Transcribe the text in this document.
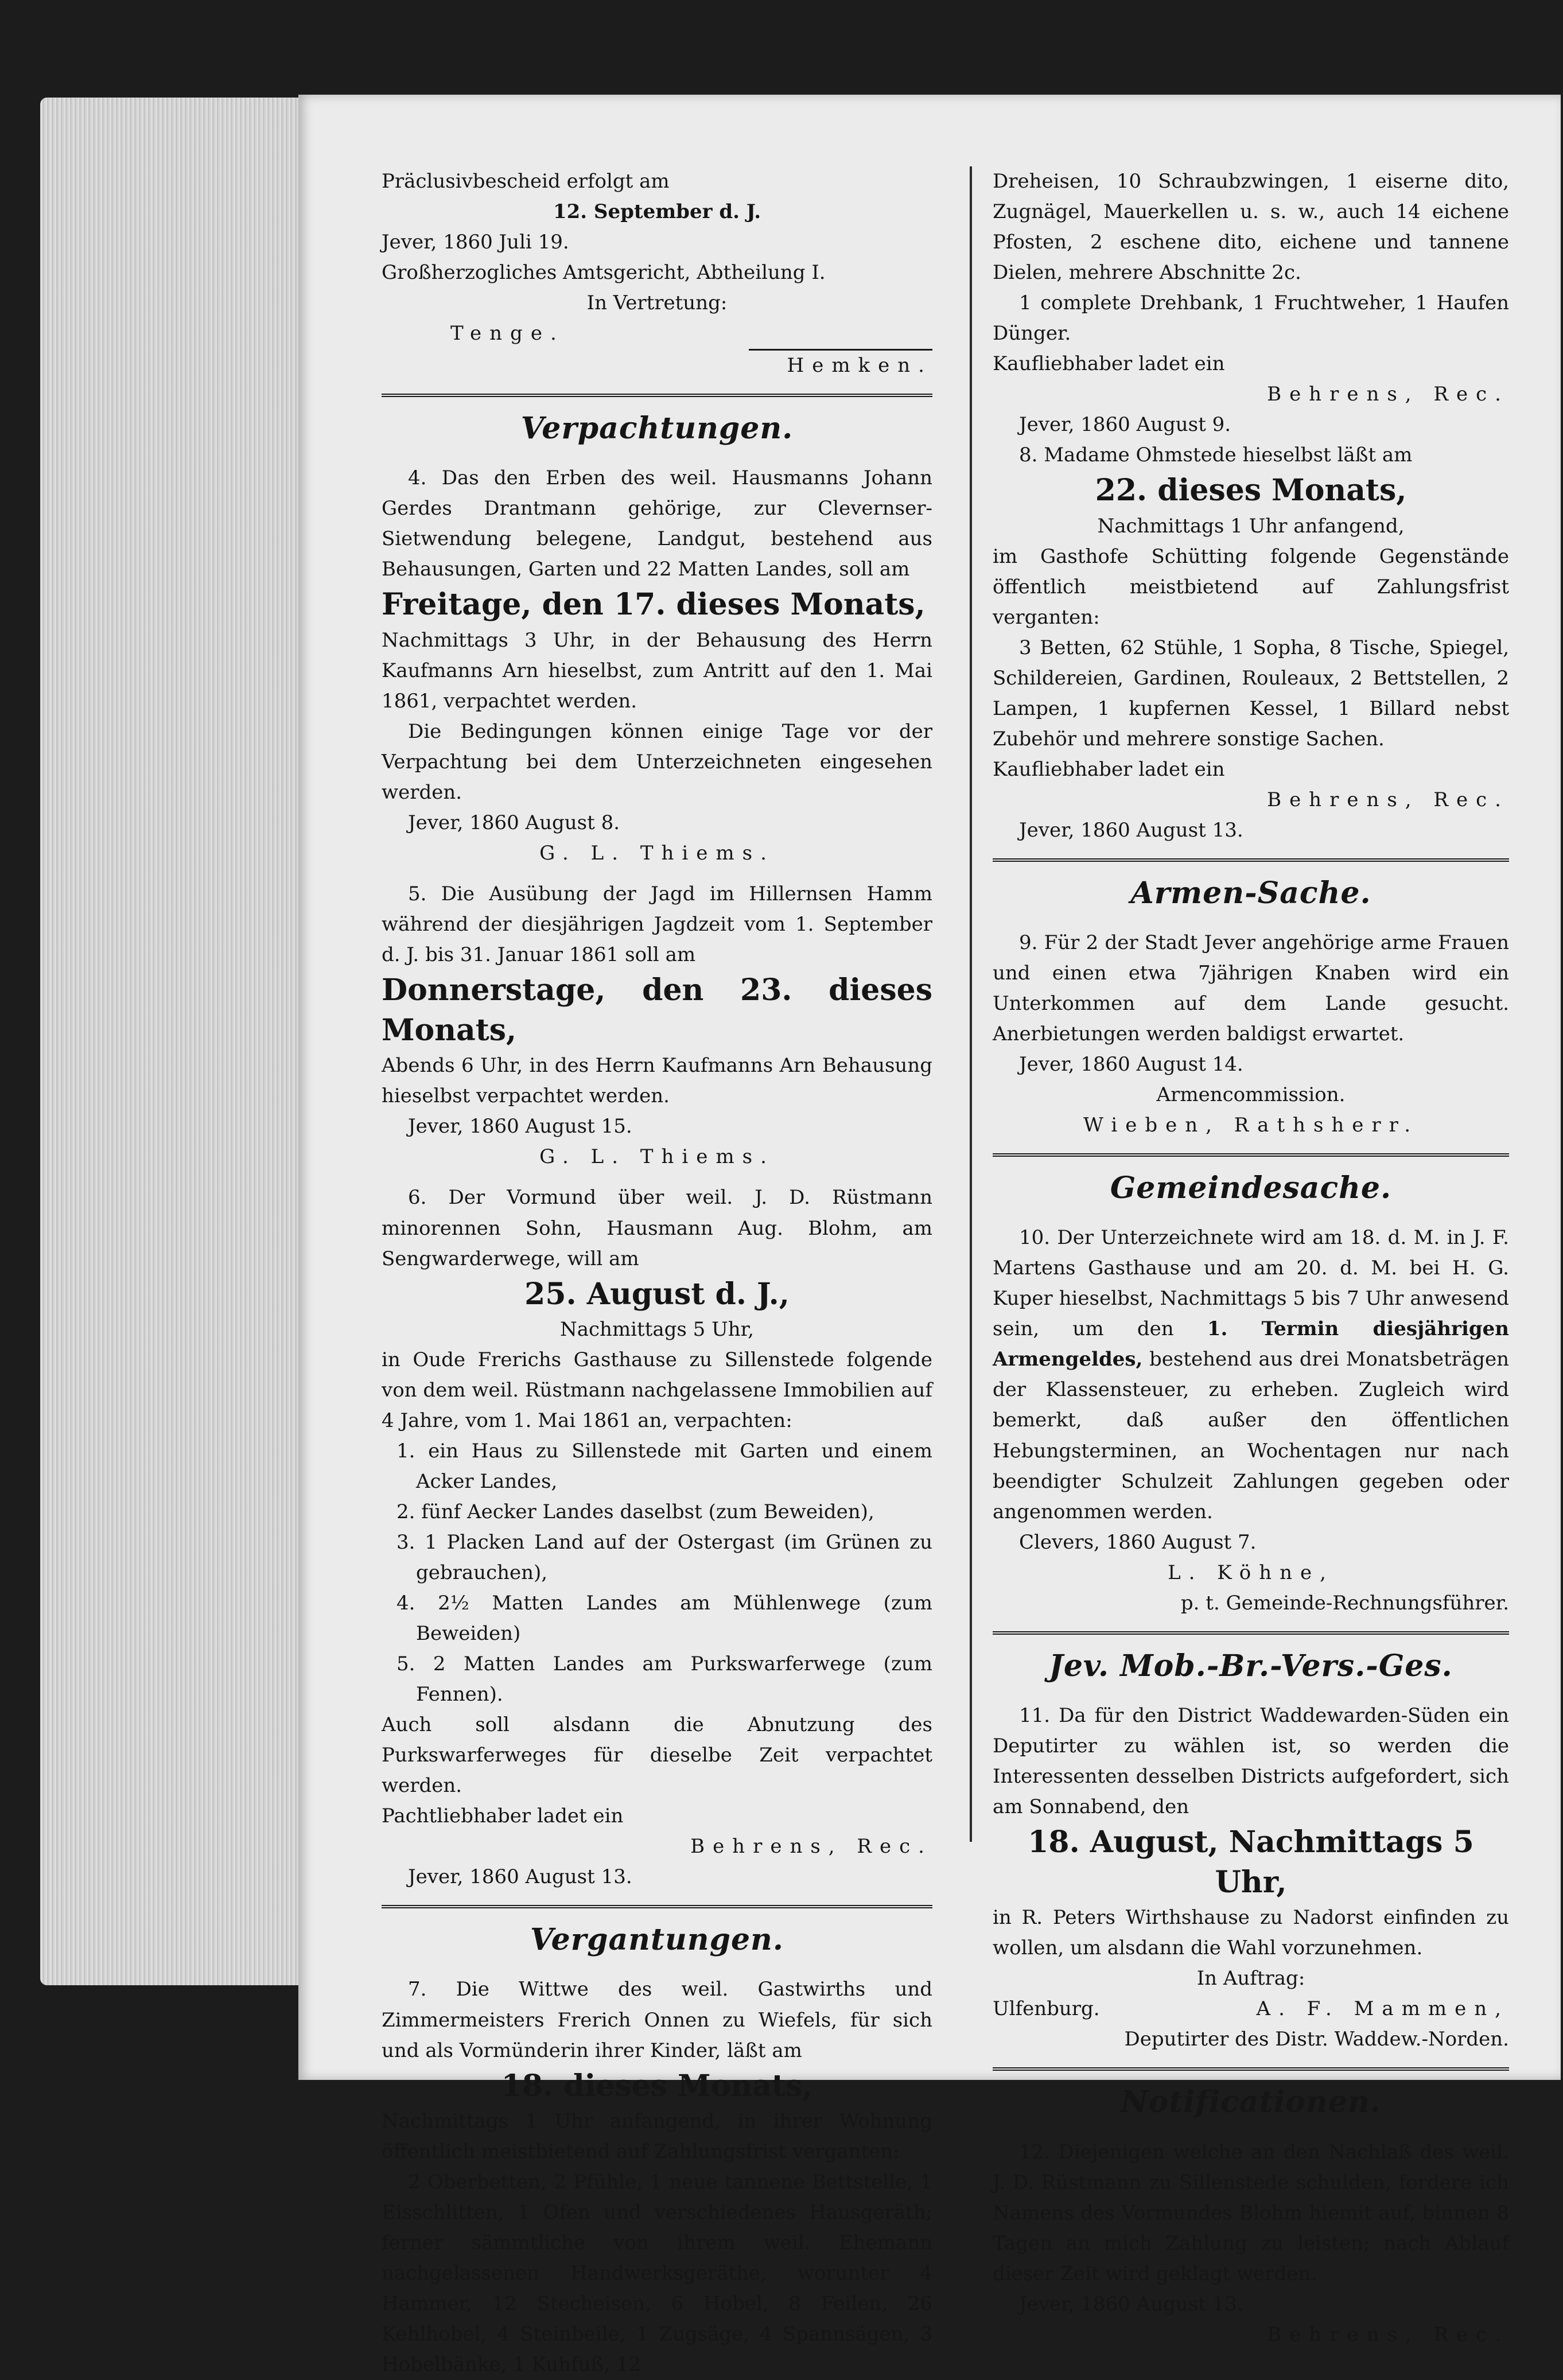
Präclusivbescheid erfolgt am

12. September d. J.

Jever, 1860 Juli 19.

Großherzogliches Amtsgericht, Abtheilung I.

In Vertretung:

Tenge.

Hemken.

Verpachtungen.

4. Das den Erben des weil. Hausmanns Johann Gerdes Drantmann gehörige, zur Clevernser-Sietwendung belegene, Landgut, bestehend aus Behausungen, Garten und 22 Matten Landes, soll am

Freitage, den 17. dieses Monats,

Nachmittags 3 Uhr, in der Behausung des Herrn Kaufmanns Arn hieselbst, zum Antritt auf den 1. Mai 1861, verpachtet werden.

Die Bedingungen können einige Tage vor der Verpachtung bei dem Unterzeichneten eingesehen werden.

Jever, 1860 August 8.

G. L. Thiems.

5. Die Ausübung der Jagd im Hillernsen Hamm während der diesjährigen Jagdzeit vom 1. September d. J. bis 31. Januar 1861 soll am

Donnerstage, den 23. dieses Monats,

Abends 6 Uhr, in des Herrn Kaufmanns Arn Behausung hieselbst verpachtet werden.

Jever, 1860 August 15.

G. L. Thiems.

6. Der Vormund über weil. J. D. Rüstmann minorennen Sohn, Hausmann Aug. Blohm, am Sengwarderwege, will am

25. August d. J.,

Nachmittags 5 Uhr,

in Oude Frerichs Gasthause zu Sillenstede folgende von dem weil. Rüstmann nachgelassene Immobilien auf 4 Jahre, vom 1. Mai 1861 an, verpachten:

1. ein Haus zu Sillenstede mit Garten und einem Acker Landes,

2. fünf Aecker Landes daselbst (zum Beweiden),

3. 1 Placken Land auf der Ostergast (im Grünen zu gebrauchen),

4. 2½ Matten Landes am Mühlenwege (zum Beweiden)

5. 2 Matten Landes am Purkswarferwege (zum Fennen).

Auch soll alsdann die Abnutzung des Purkswarferweges für dieselbe Zeit verpachtet werden.

Pachtliebhaber ladet ein

Behrens, Rec.

Jever, 1860 August 13.

Vergantungen.

7. Die Wittwe des weil. Gastwirths und Zimmermeisters Frerich Onnen zu Wiefels, für sich und als Vormünderin ihrer Kinder, läßt am

18. dieses Monats,

Nachmittags 1 Uhr anfangend, in ihrer Wohnung öffentlich meistbietend auf Zahlungsfrist verganten:

2 Oberbetten, 2 Pfühle, 1 neue tannene Bettstelle, 1 Eisschlitten, 1 Ofen und verschiedenes Hausgeräth; ferner sämmtliche von ihrem weil. Ehemann nachgelassenen Handwerksgeräthe, worunter 4 Hammer, 12 Stecheisen, 6 Hobel, 8 Feilen, 26 Kehlhobel, 4 Steinbeile, 1 Zugsäge, 4 Spannsägen, 3 Hobelbänke, 1 Kuhfuß, 12

Dreheisen, 10 Schraubzwingen, 1 eiserne dito, Zugnägel, Mauerkellen u. s. w., auch 14 eichene Pfosten, 2 eschene dito, eichene und tannene Dielen, mehrere Abschnitte 2c.

1 complete Drehbank, 1 Fruchtweher, 1 Haufen Dünger.

Kaufliebhaber ladet ein

Behrens, Rec.

Jever, 1860 August 9.

8. Madame Ohmstede hieselbst läßt am

22. dieses Monats,

Nachmittags 1 Uhr anfangend,

im Gasthofe Schütting folgende Gegenstände öffentlich meistbietend auf Zahlungsfrist verganten:

3 Betten, 62 Stühle, 1 Sopha, 8 Tische, Spiegel, Schildereien, Gardinen, Rouleaux, 2 Bettstellen, 2 Lampen, 1 kupfernen Kessel, 1 Billard nebst Zubehör und mehrere sonstige Sachen.

Kaufliebhaber ladet ein

Behrens, Rec.

Jever, 1860 August 13.

Armen-Sache.

9. Für 2 der Stadt Jever angehörige arme Frauen und einen etwa 7jährigen Knaben wird ein Unterkommen auf dem Lande gesucht. Anerbietungen werden baldigst erwartet.

Jever, 1860 August 14.

Armencommission.

Wieben, Rathsherr.

Gemeindesache.

10. Der Unterzeichnete wird am 18. d. M. in J. F. Martens Gasthause und am 20. d. M. bei H. G. Kuper hieselbst, Nachmittags 5 bis 7 Uhr anwesend sein, um den 1. Termin diesjährigen Armengeldes, bestehend aus drei Monatsbeträgen der Klassensteuer, zu erheben. Zugleich wird bemerkt, daß außer den öffentlichen Hebungsterminen, an Wochentagen nur nach beendigter Schulzeit Zahlungen gegeben oder angenommen werden.

Clevers, 1860 August 7.

L. Köhne,

p. t. Gemeinde-Rechnungsführer.

Jev. Mob.-Br.-Vers.-Ges.

11. Da für den District Waddewarden-Süden ein Deputirter zu wählen ist, so werden die Interessenten desselben Districts aufgefordert, sich am Sonnabend, den

18. August, Nachmittags 5 Uhr,

in R. Peters Wirthshause zu Nadorst einfinden zu wollen, um alsdann die Wahl vorzunehmen.

In Auftrag:

Ulfenburg.	A. F. Mammen,

Deputirter des Distr. Waddew.-Norden.

Notificationen.

12. Diejenigen welche an den Nachlaß des weil. J. D. Rüstmann zu Sillenstede schulden, fordere ich Namens des Vormundes Blohm hiemit auf, binnen 8 Tagen an mich Zahlung zu leisten; nach Ablauf dieser Zeit wird geklagt werden.

Jever, 1860 August 13.

Behrens, Rec.
